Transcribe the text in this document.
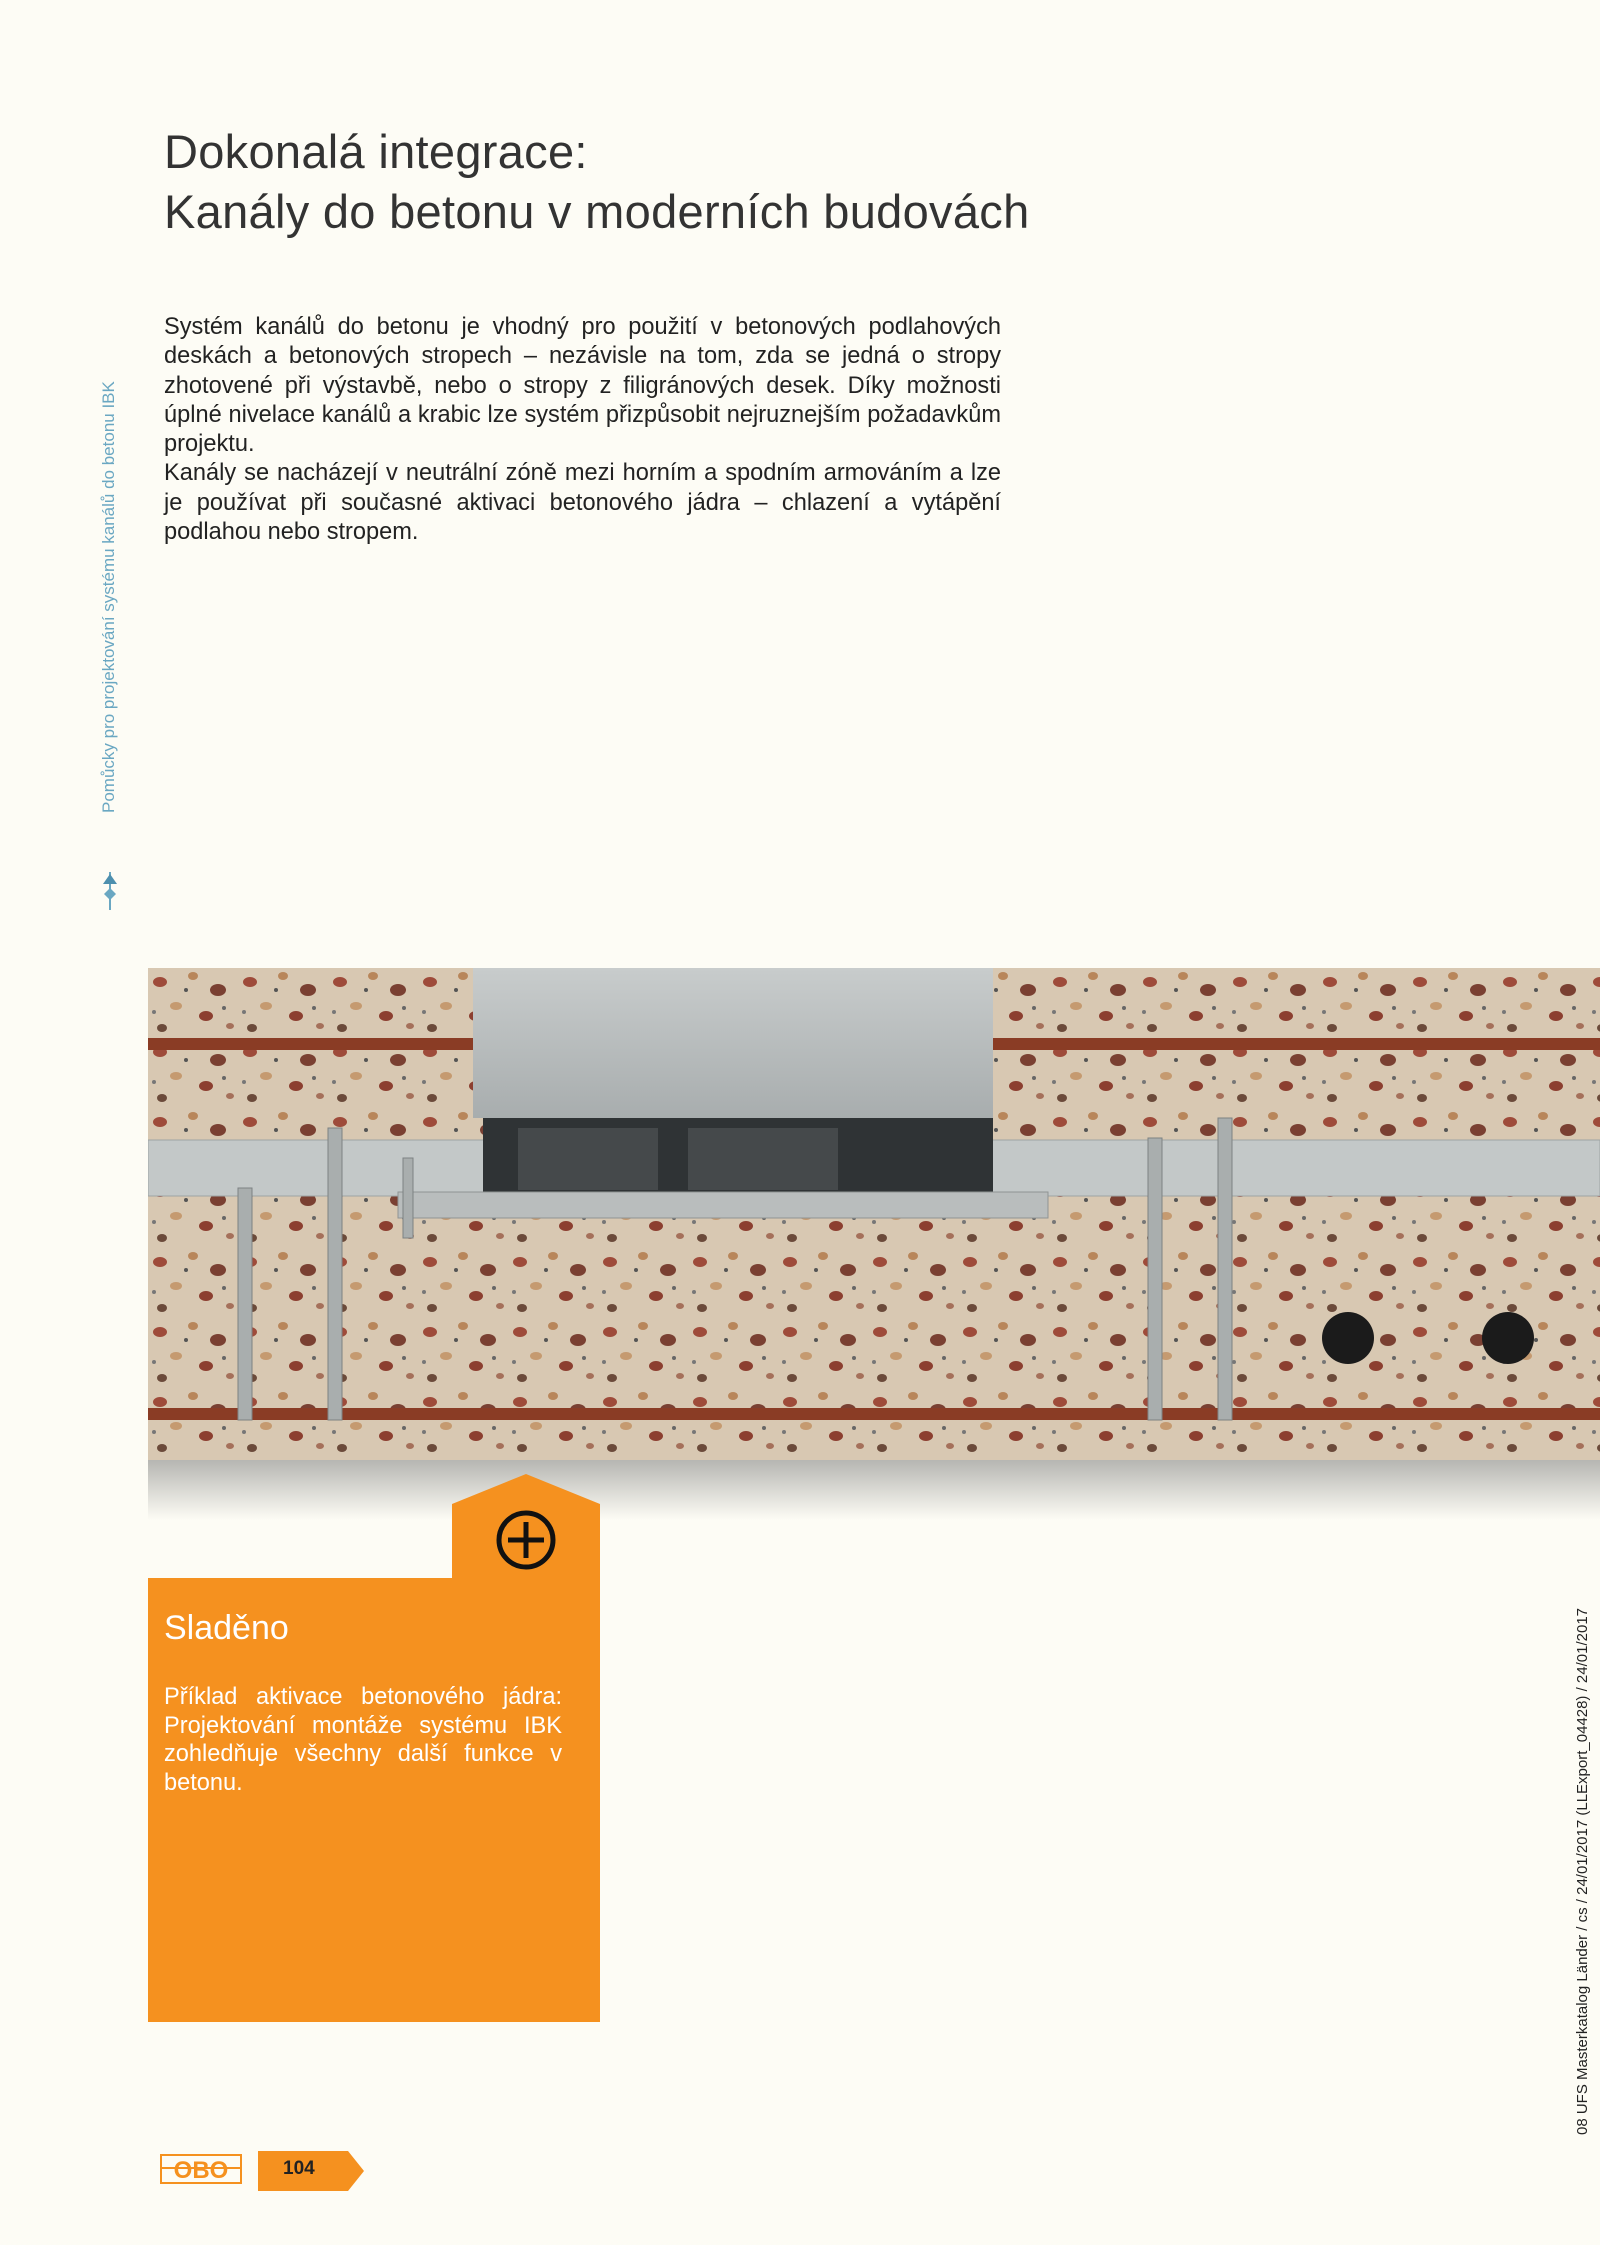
Dokonalá integrace:
Kanály do betonu v moderních budovách

Systém kanálů do betonu je vhodný pro použití v betonových podlahových deskách a betonových stropech – nezávisle na tom, zda se jedná o stropy zhotovené při výstavbě, nebo o stropy z filigránových desek. Díky možnosti úplné nivelace kanálů a krabic lze systém přizpůsobit nejruznejším požadavkům projektu.

Kanály se nacházejí v neutrální zóně mezi horním a spodním armováním a lze je používat při současné aktivaci betonového jádra – chlazení a vytápění podlahou nebo stropem.

Pomůcky pro projektování systému kanálů do betonu IBK
Sladěno

Příklad aktivace betonového jádra: Projektování montáže systému IBK zohledňuje všechny další funkce v betonu.	08 UFS Masterkatalog Länder / cs / 24/01/2017 (LLExport_04428) / 24/01/2017
OBO	104
